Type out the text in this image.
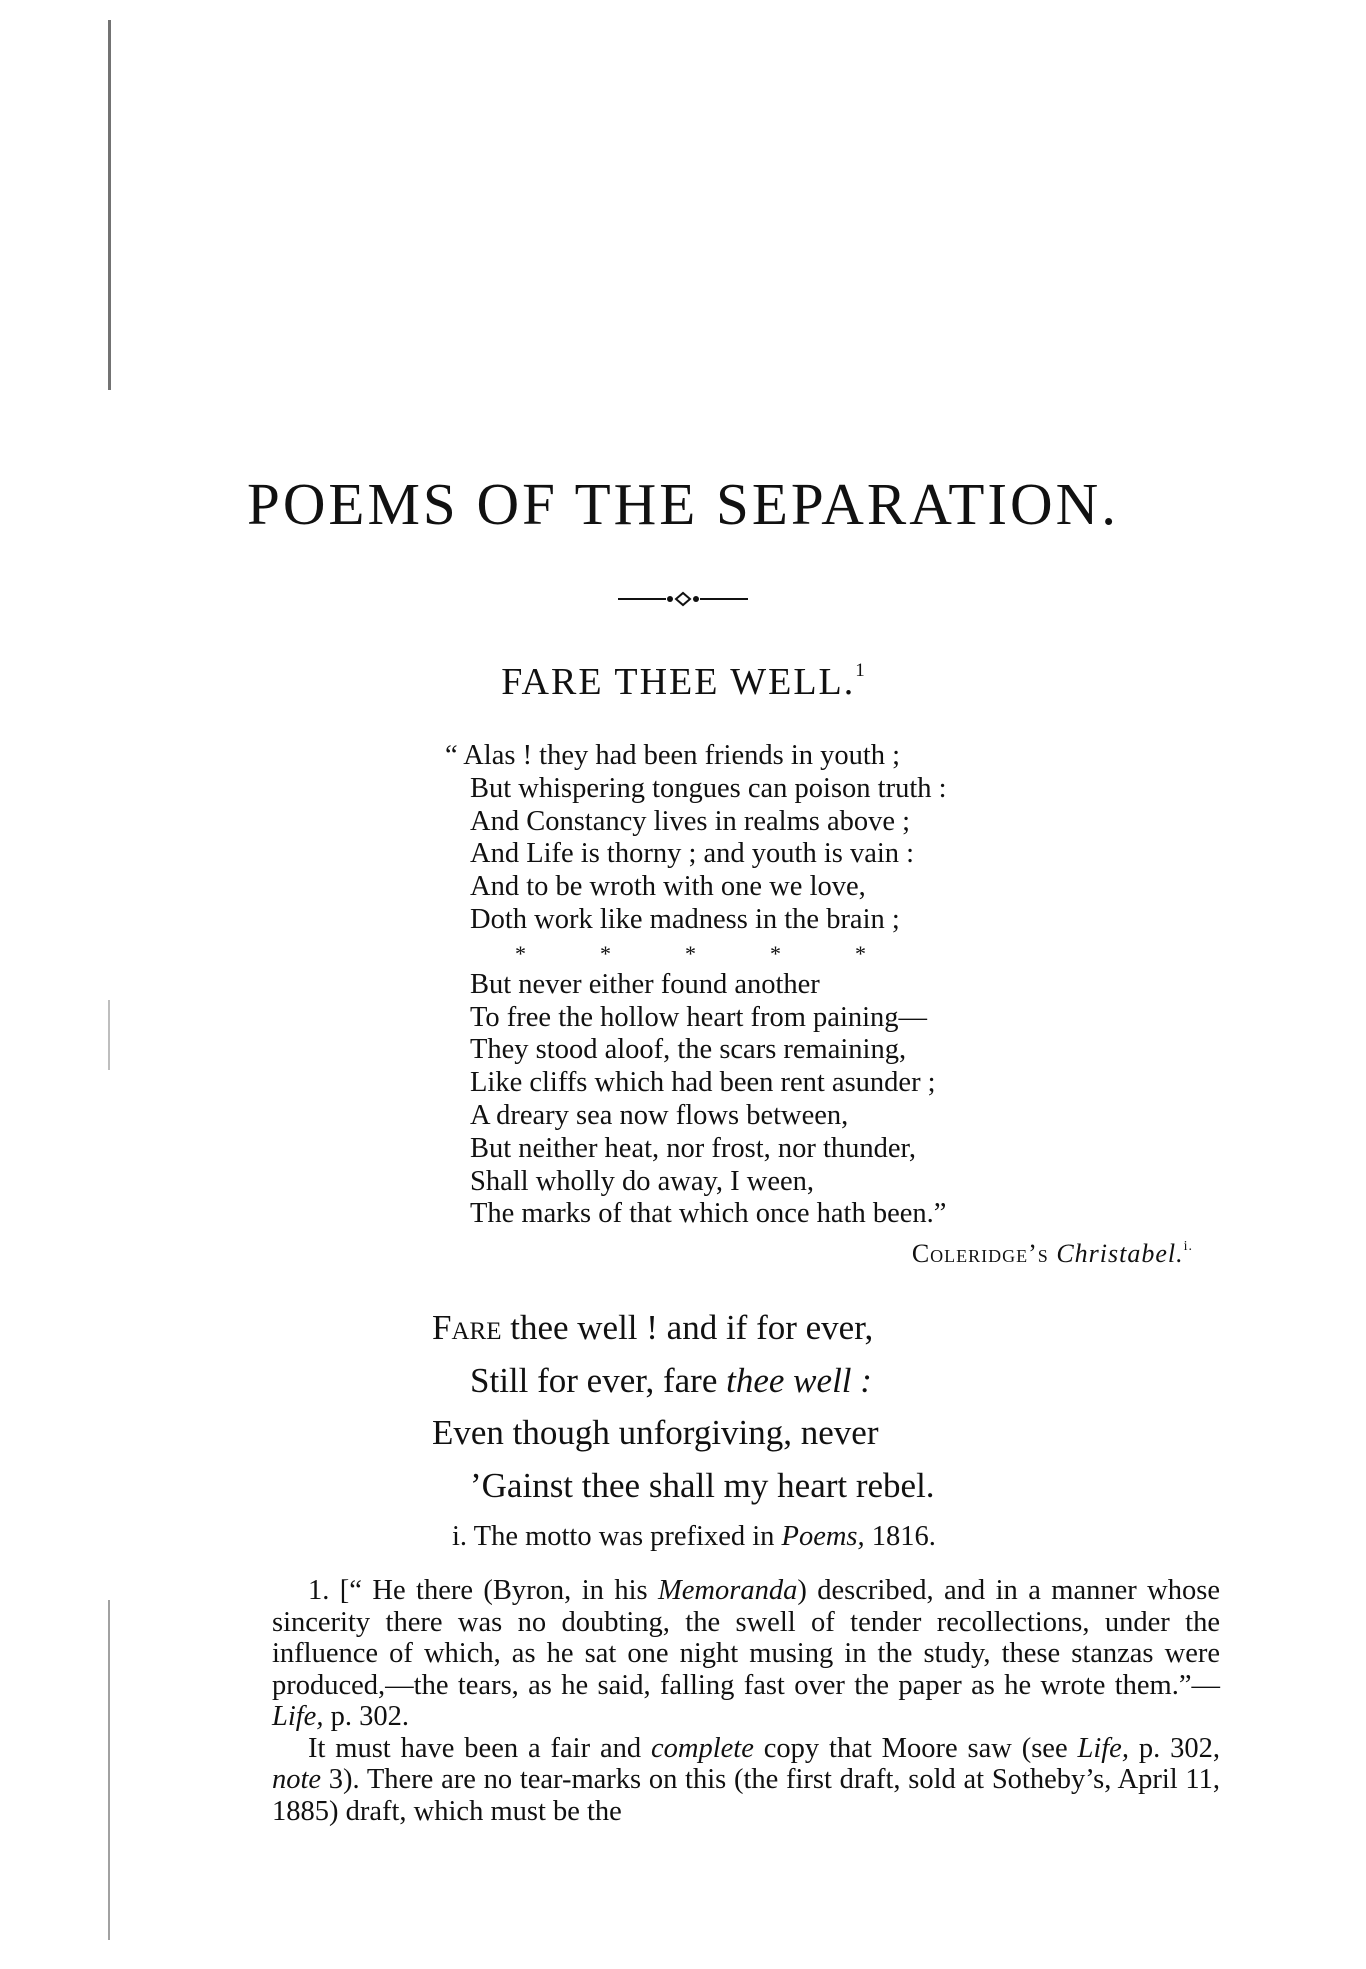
POEMS OF THE SEPARATION.
FARE THEE WELL.$^1$
“ Alas ! they had been friends in youth ;
But whispering tongues can poison truth :
And Constancy lives in realms above ;
And Life is thorny ; and youth is vain :
And to be wroth with one we love,
Doth work like madness in the brain ;
*	*	*	*	*
But never either found another
To free the hollow heart from paining—
They stood aloof, the scars remaining,
Like cliffs which had been rent asunder ;
A dreary sea now flows between,
But neither heat, nor frost, nor thunder,
Shall wholly do away, I ween,
The marks of that which once hath been.”
Coleridge’s Christabel.$^{i.}$
Fare thee well ! and if for ever,
Still for ever, fare thee well :
Even though unforgiving, never
’Gainst thee shall my heart rebel.
i. The motto was prefixed in Poems, 1816.

1. [“ He there (Byron, in his Memoranda) described, and in a manner whose sincerity there was no doubting, the swell of tender recollections, under the influence of which, as he sat one night musing in the study, these stanzas were produced,—the tears, as he said, falling fast over the paper as he wrote them.”—Life, p. 302.

It must have been a fair and complete copy that Moore saw (see Life, p. 302, note 3). There are no tear-marks on this (the first draft, sold at Sotheby’s, April 11, 1885) draft, which must be the
